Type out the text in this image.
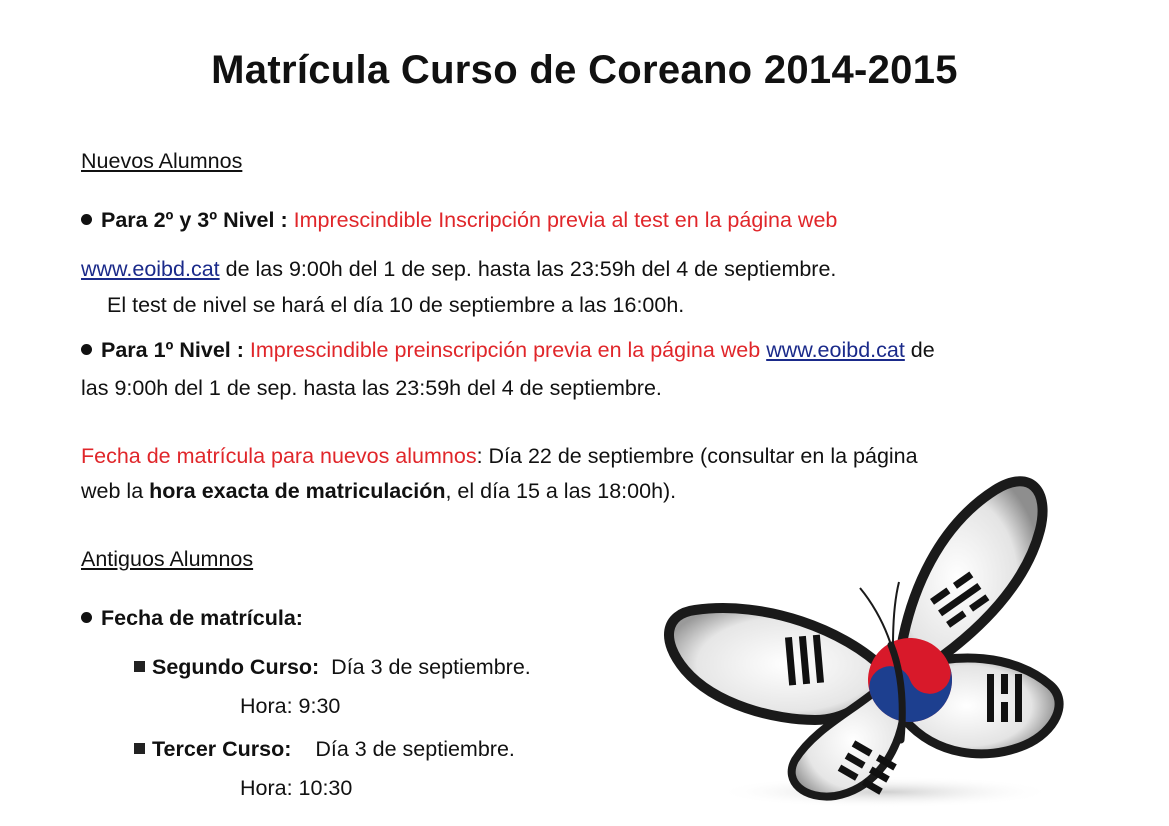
Matrícula Curso de Coreano 2014-2015
Nuevos Alumnos
Para 2º y 3º Nivel : Imprescindible Inscripción previa al test en la página web
www.eoibd.cat de las 9:00h del 1 de sep. hasta las 23:59h del 4 de septiembre.
El test de nivel se hará el día 10 de septiembre a las 16:00h.
Para 1º Nivel : Imprescindible preinscripción previa en la página web www.eoibd.cat de
las 9:00h del 1 de sep. hasta las 23:59h del 4 de septiembre.
Fecha de matrícula para nuevos alumnos: Día 22 de septiembre (consultar en la página
web la hora exacta de matriculación, el día 15 a las 18:00h).
Antiguos Alumnos
Fecha de matrícula:
Segundo Curso: Día 3 de septiembre.
Hora: 9:30
Tercer Curso: Día 3 de septiembre.
Hora: 10:30
